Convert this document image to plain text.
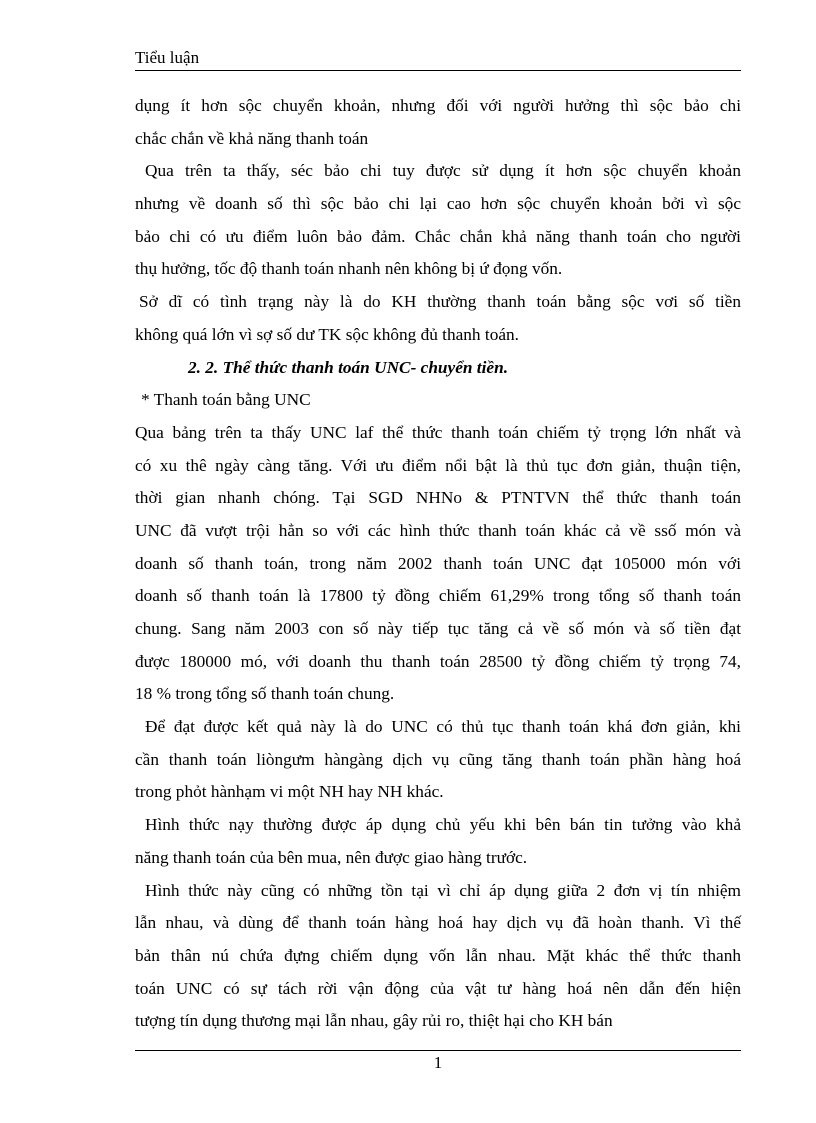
Tiểu luận
dụng ít hơn sộc chuyển khoản, nhưng đối với người hưởng thì sộc bảo chi
chắc chắn về khả năng thanh toán
Qua trên ta thấy, séc bảo chi tuy được sử dụng ít hơn sộc chuyển khoản
nhưng về doanh số thì sộc bảo chi lại cao hơn sộc chuyển khoản bởi vì sộc
bảo chi có ưu điểm luôn bảo đảm. Chắc chắn khả năng thanh toán cho người
thụ hưởng, tốc độ thanh toán nhanh nên không bị ứ đọng vốn.
Sở dĩ có tình trạng này là do KH thường thanh toán bằng sộc vơi số tiền
không quá lớn vì sợ số dư TK sộc không đủ thanh toán.
2. 2. Thể thức thanh toán UNC- chuyển tiền.
* Thanh toán bằng UNC
Qua bảng trên ta thấy UNC laf thể thức thanh toán chiếm tỷ trọng lớn nhất và
có xu thê ngày càng tăng. Với ưu điểm nổi bật là thủ tục đơn giản, thuận tiện,
thời gian nhanh chóng. Tại SGD NHNo & PTNTVN thể thức thanh toán
UNC đã vượt trội hẳn so với các hình thức thanh toán khác cả về ssố món và
doanh số thanh toán, trong năm 2002 thanh toán UNC đạt 105000 món với
doanh số thanh toán là 17800 tỷ đồng chiếm 61,29% trong tổng số thanh toán
chung. Sang năm 2003 con số này tiếp tục tăng cả về số món và số tiền đạt
được 180000 mó, với doanh thu thanh toán 28500 tỷ đồng chiếm tỷ trọng 74,
18 % trong tổng số thanh toán chung.
Để đạt được kết quả này là do UNC có thủ tục thanh toán khá đơn giản, khi
cần thanh toán liòngưm hàngàng dịch vụ cũng tăng thanh toán phần hàng hoá
trong phỏt hànhạm vi một NH hay NH khác.
Hình thức nạy thường được áp dụng chủ yếu khi bên bán tin tưởng vào khả
năng thanh toán của bên mua, nên được giao hàng trước.
Hình thức này cũng có những tồn tại vì chỉ áp dụng giữa 2 đơn vị tín nhiệm
lẫn nhau, và dùng để thanh toán hàng hoá hay dịch vụ đã hoàn thanh. Vì thế
bản thân nú chứa đựng chiếm dụng vốn lẫn nhau. Mặt khác thể thức thanh
toán UNC có sự tách rời vận động của vật tư hàng hoá nên dẫn đến hiện
tượng tín dụng thương mại lẫn nhau, gây rủi ro, thiệt hại cho KH bán
1
